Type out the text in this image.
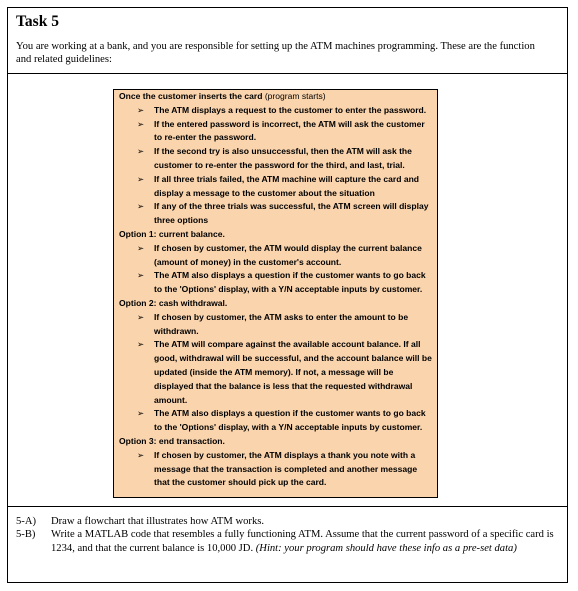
Task 5
You are working at a bank, and you are responsible for setting up the ATM machines programming. These are the function and related guidelines:
Once the customer inserts the card (program starts)
➢ The ATM displays a request to the customer to enter the password.
➢ If the entered password is incorrect, the ATM will ask the customer to re-enter the password.
➢ If the second try is also unsuccessful, then the ATM will ask the customer to re-enter the password for the third, and last, trial.
➢ If all three trials failed, the ATM machine will capture the card and display a message to the customer about the situation
➢ If any of the three trials was successful, the ATM screen will display three options
Option 1: current balance.
➢ If chosen by customer, the ATM would display the current balance (amount of money) in the customer's account.
➢ The ATM also displays a question if the customer wants to go back to the 'Options' display, with a Y/N acceptable inputs by customer.
Option 2: cash withdrawal.
➢ If chosen by customer, the ATM asks to enter the amount to be withdrawn.
➢ The ATM will compare against the available account balance. If all good, withdrawal will be successful, and the account balance will be updated (inside the ATM memory). If not, a message will be displayed that the balance is less that the requested withdrawal amount.
➢ The ATM also displays a question if the customer wants to go back to the 'Options' display, with a Y/N acceptable inputs by customer.
Option 3: end transaction.
➢ If chosen by customer, the ATM displays a thank you note with a message that the transaction is completed and another message that the customer should pick up the card.
5-A)	Draw a flowchart that illustrates how ATM works.
5-B)	Write a MATLAB code that resembles a fully functioning ATM. Assume that the current password of a specific card is 1234, and that the current balance is 10,000 JD. (Hint: your program should have these info as a pre-set data)
